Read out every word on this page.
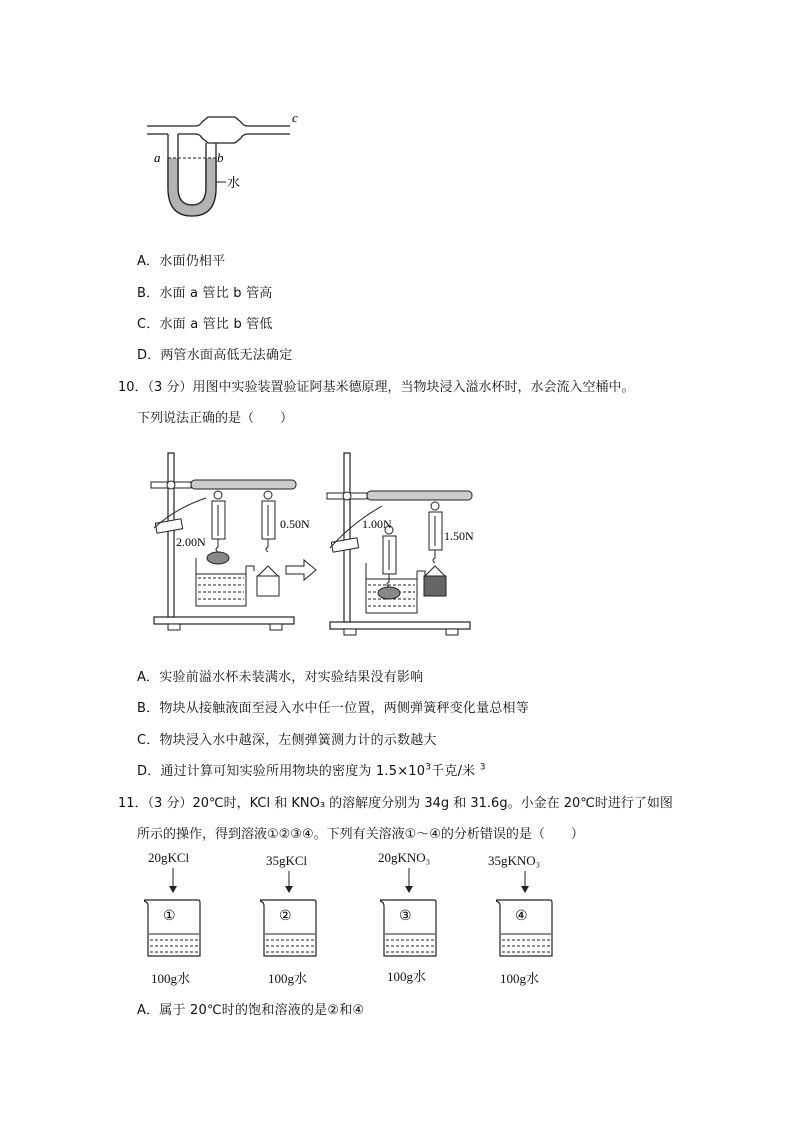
c
a	b
水
A．水面仍相平
B．水面 a 管比 b 管高
C．水面 a 管比 b 管低
D．两管水面高低无法确定
10．（3 分）用图中实验装置验证阿基米德原理，当物块浸入溢水杯时，水会流入空桶中。
下列说法正确的是（　　）
2.00N
0.50N	1.00N
1.50N
A．实验前溢水杯未装满水，对实验结果没有影响
B．物块从接触液面至浸入水中任一位置，两侧弹簧秤变化量总相等
C．物块浸入水中越深，左侧弹簧测力计的示数越大
D．通过计算可知实验所用物块的密度为 $1.5\times 10^3$千克/米 $^3$
11．（3 分）20℃时，KCl 和 KNO₃ 的溶解度分别为 34g 和 31.6g。小金在 20℃时进行了如图
所示的操作，得到溶液①②③④。下列有关溶液①～④的分析错误的是（　　）
20gKCl
①
100g水
35gKCl
②
100g水
20gKNO₃
③
100g水
35gKNO₃
④
100g水
A．属于 20℃时的饱和溶液的是②和④
